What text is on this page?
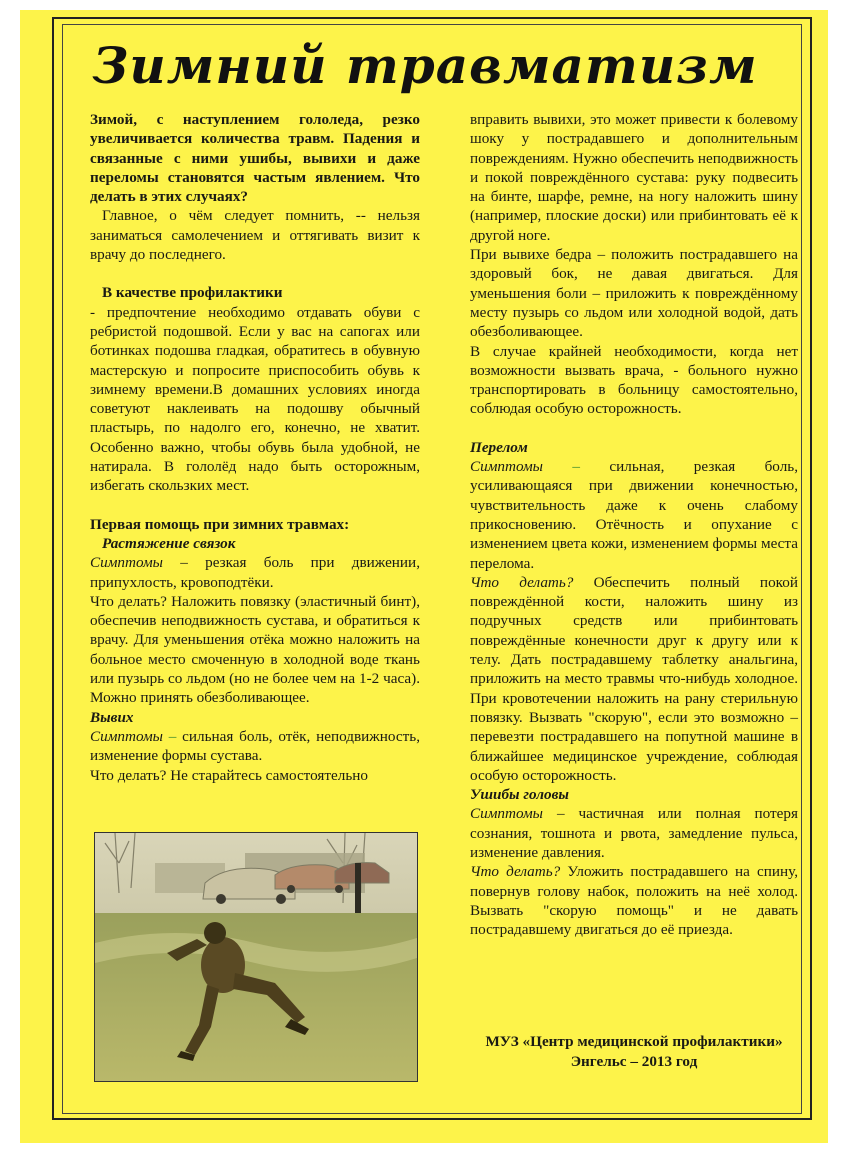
Зимний травматизм

Зимой, с наступлением гололеда, резко увеличивается количества травм. Падения и связанные с ними ушибы, вывихи и даже переломы становятся частым явлением. Что делать в этих случаях?

Главное, о чём следует помнить, -- нельзя заниматься самолечением и оттягивать визит к врачу до последнего.

В качестве профилактики

- предпочтение необходимо отдавать обуви с ребристой подошвой. Если у вас на сапогах или ботинках подошва гладкая, обратитесь в обувную мастерскую и попросите приспособить обувь к зимнему времени.В домашних условиях иногда советуют наклеивать на подошву обычный пластырь, по надолго его, конечно, не хватит. Особенно важно, чтобы обувь была удобной, не натирала. В гололёд надо быть осторожным, избегать скользких мест.

Первая помощь при зимних травмах:

Растяжение связок

Симптомы – резкая боль при движении, припухлость, кровоподтёки.

Что делать? Наложить повязку (эластичный бинт), обеспечив неподвижность сустава, и обратиться к врачу. Для уменьшения отёка можно наложить на больное место смоченную в холодной воде ткань или пузырь со льдом (но не более чем на 1-2 часа). Можно принять обезболивающее.

Вывих

Симптомы – сильная боль, отёк, неподвижность, изменение формы сустава.

Что делать? Не старайтесь самостоятельно

вправить вывихи, это может привести к болевому шоку у пострадавшего и дополнительным повреждениям. Нужно обеспечить неподвижность и покой повреждённого сустава: руку подвесить на бинте, шарфе, ремне, на ногу наложить шину (например, плоские доски) или прибинтовать её к другой ноге.

При вывихе бедра – положить пострадавшего на здоровый бок, не давая двигаться. Для уменьшения боли – приложить к повреждённому месту пузырь со льдом или холодной водой, дать обезболивающее.

В случае крайней необходимости, когда нет возможности вызвать врача, - больного нужно транспортировать в больницу самостоятельно, соблюдая особую осторожность.

Перелом

Симптомы – сильная, резкая боль, усиливающаяся при движении конечностью, чувствительность даже к очень слабому прикосновению. Отёчность и опухание с изменением цвета кожи, изменением формы места перелома.

Что делать? Обеспечить полный покой повреждённой кости, наложить шину из подручных средств или прибинтовать повреждённые конечности друг к другу или к телу. Дать пострадавшему таблетку анальгина, приложить на место травмы что-нибудь холодное. При кровотечении наложить на рану стерильную повязку. Вызвать "скорую", если это возможно – перевезти пострадавшего на попутной машине в ближайшее медицинское учреждение, соблюдая особую осторожность.

Ушибы головы

Симптомы – частичная или полная потеря сознания, тошнота и рвота, замедление пульса, изменение давления.

Что делать? Уложить пострадавшего на спину, повернув голову набок, положить на неё холод. Вызвать "скорую помощь" и не давать пострадавшему двигаться до её приезда.

МУЗ «Центр медицинской профилактики»
Энгельс – 2013 год
